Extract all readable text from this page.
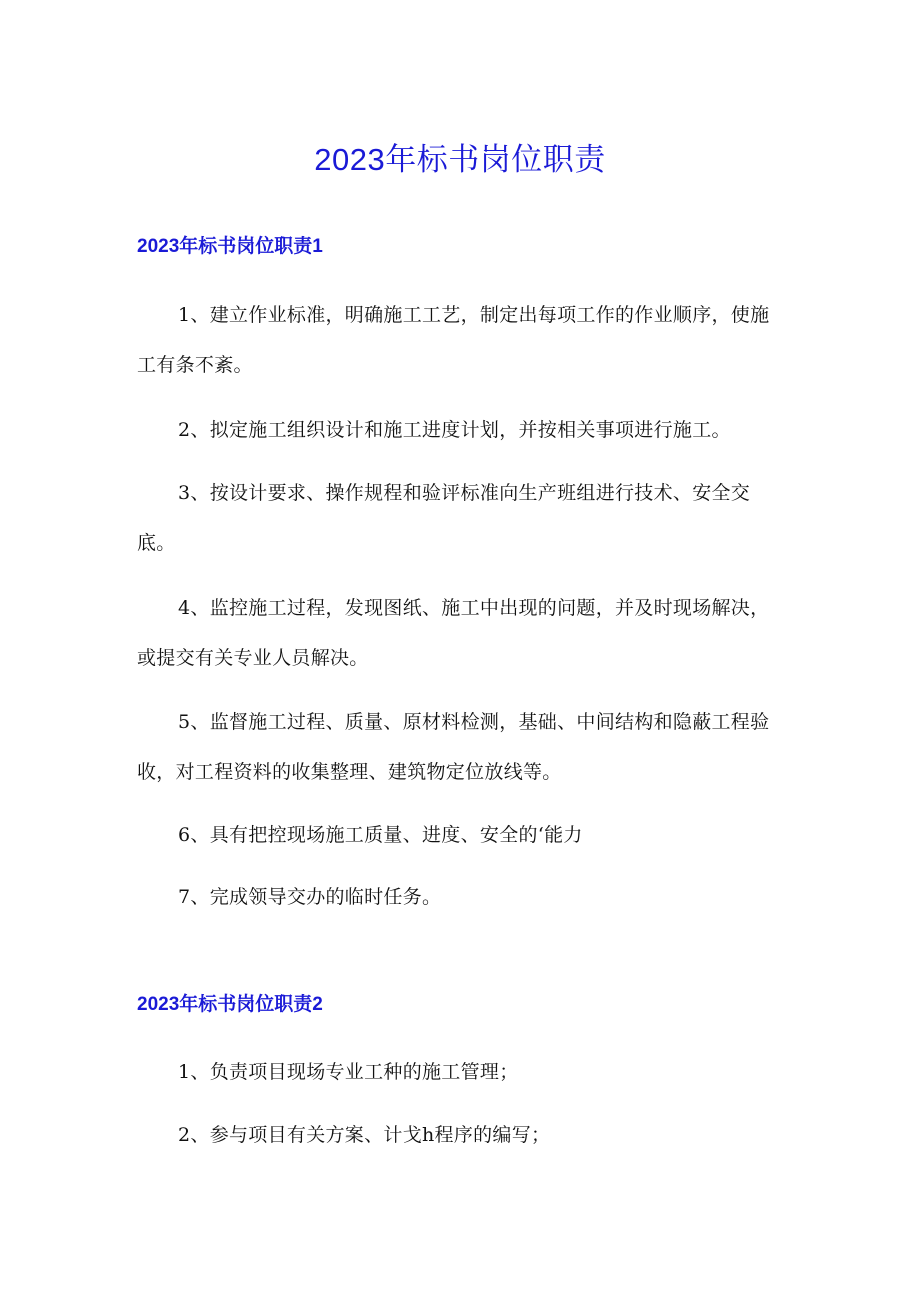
2023年标书岗位职责
2023年标书岗位职责1

1、建立作业标准，明确施工工艺，制定出每项工作的作业顺序，使施工有条不紊。

2、拟定施工组织设计和施工进度计划，并按相关事项进行施工。

3、按设计要求、操作规程和验评标准向生产班组进行技术、安全交底。

4、监控施工过程，发现图纸、施工中出现的问题，并及时现场解决，或提交有关专业人员解决。

5、监督施工过程、质量、原材料检测，基础、中间结构和隐蔽工程验收，对工程资料的收集整理、建筑物定位放线等。

6、具有把控现场施工质量、进度、安全的‘能力

7、完成领导交办的临时任务。

2023年标书岗位职责2

1、负责项目现场专业工种的施工管理；

2、参与项目有关方案、计戈h程序的编写；
